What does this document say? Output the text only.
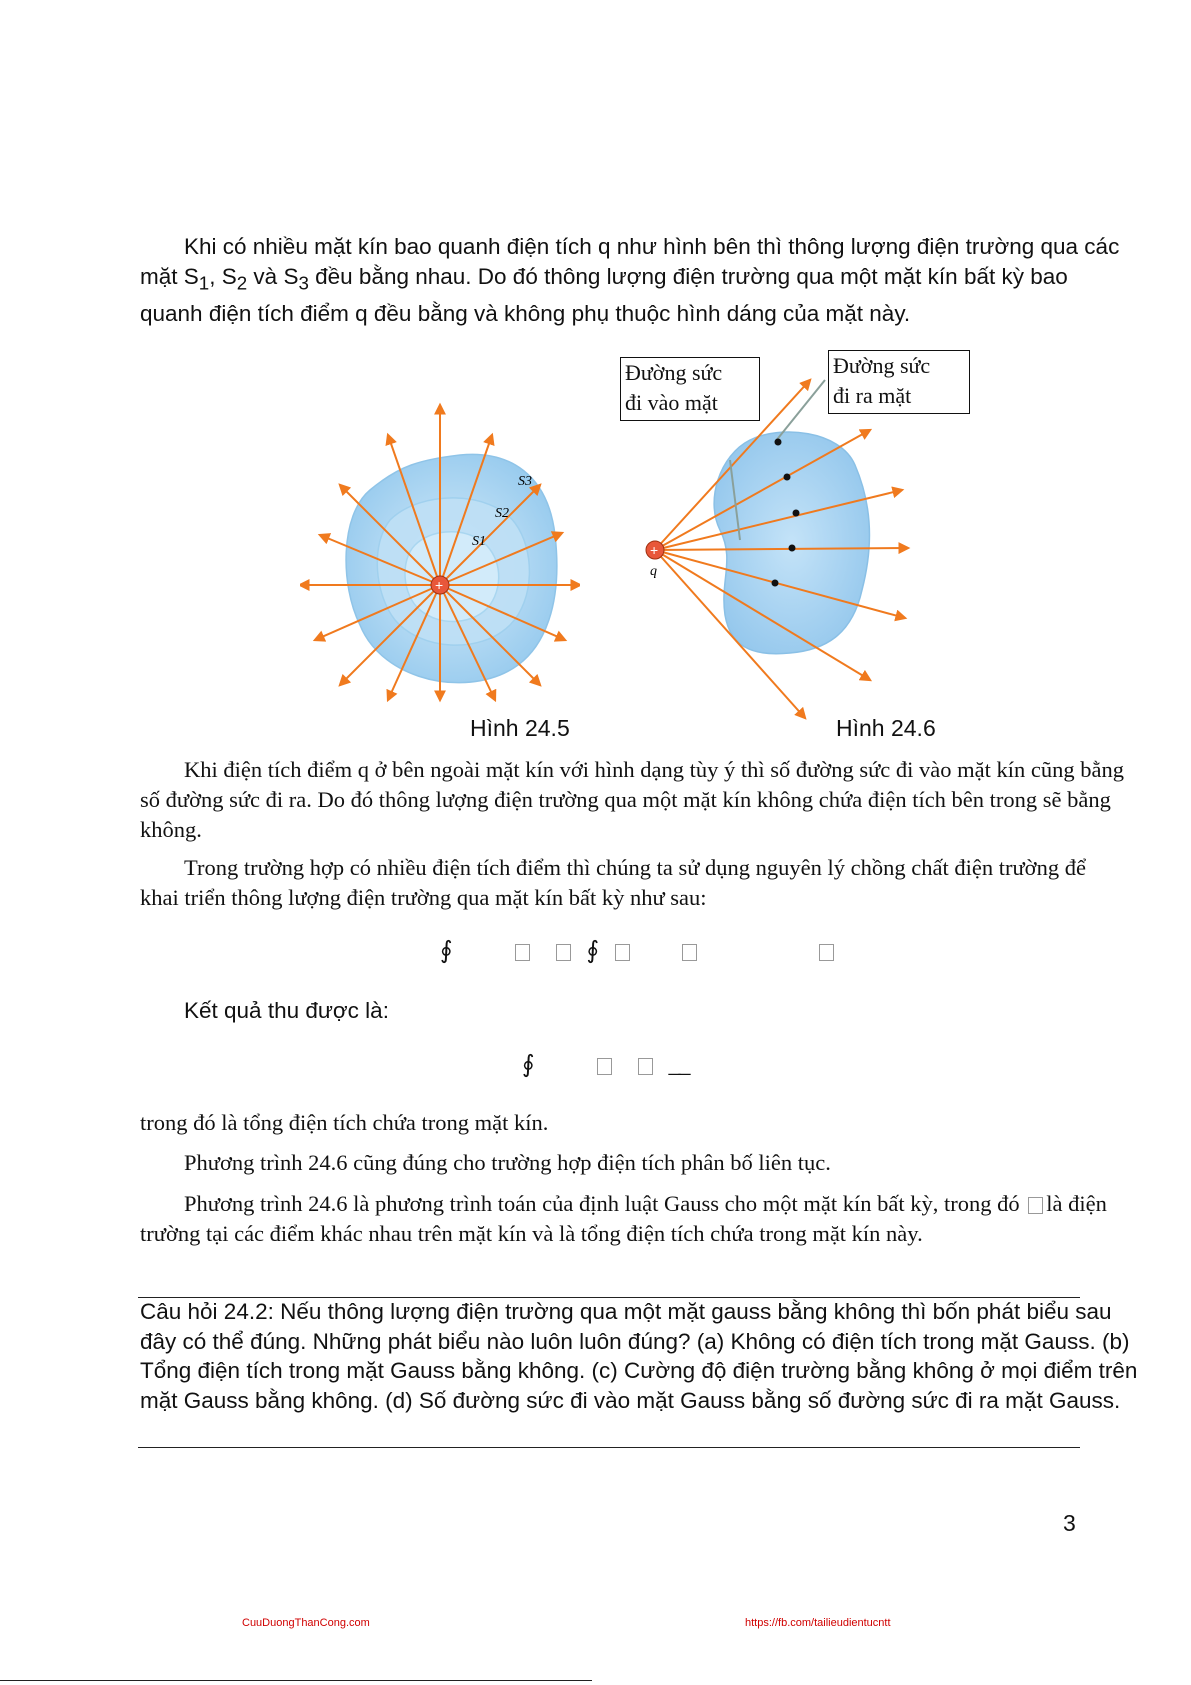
Khi có nhiều mặt kín bao quanh điện tích q như hình bên thì thông lượng điện trường qua các mặt $S_1$, $S_2$ và $S_3$ đều bằng nhau. Do đó thông lượng điện trường qua một mặt kín bất kỳ bao quanh điện tích điểm q đều bằng và không phụ thuộc hình dáng của mặt này.

+
S3
S2
S1
+
q
Đường sức
đi vào mặt
Đường sức
đi ra mặt
Hình 24.5	Hình 24.6

Khi điện tích điểm q ở bên ngoài mặt kín với hình dạng tùy ý thì số đường sức đi vào mặt kín cũng bằng số đường sức đi ra. Do đó thông lượng điện trường qua một mặt kín không chứa điện tích bên trong sẽ bằng không.

Trong trường hợp có nhiều điện tích điểm thì chúng ta sử dụng nguyên lý chồng chất điện trường để khai triển thông lượng điện trường qua mặt kín bất kỳ như sau:

∮	∮

Kết quả thu được là:

∮	__

trong đó là tổng điện tích chứa trong mặt kín.

Phương trình 24.6 cũng đúng cho trường hợp điện tích phân bố liên tục.

Phương trình 24.6 là phương trình toán của định luật Gauss cho một mặt kín bất kỳ, trong đó là điện trường tại các điểm khác nhau trên mặt kín và là tổng điện tích chứa trong mặt kín này.

Câu hỏi 24.2: Nếu thông lượng điện trường qua một mặt gauss bằng không thì bốn phát biểu sau đây có thể đúng. Những phát biểu nào luôn luôn đúng? (a) Không có điện tích trong mặt Gauss. (b) Tổng điện tích trong mặt Gauss bằng không. (c) Cường độ điện trường bằng không ở mọi điểm trên mặt Gauss bằng không. (d) Số đường sức đi vào mặt Gauss bằng số đường sức đi ra mặt Gauss.

3
CuuDuongThanCong.com	https://fb.com/tailieudientucntt
